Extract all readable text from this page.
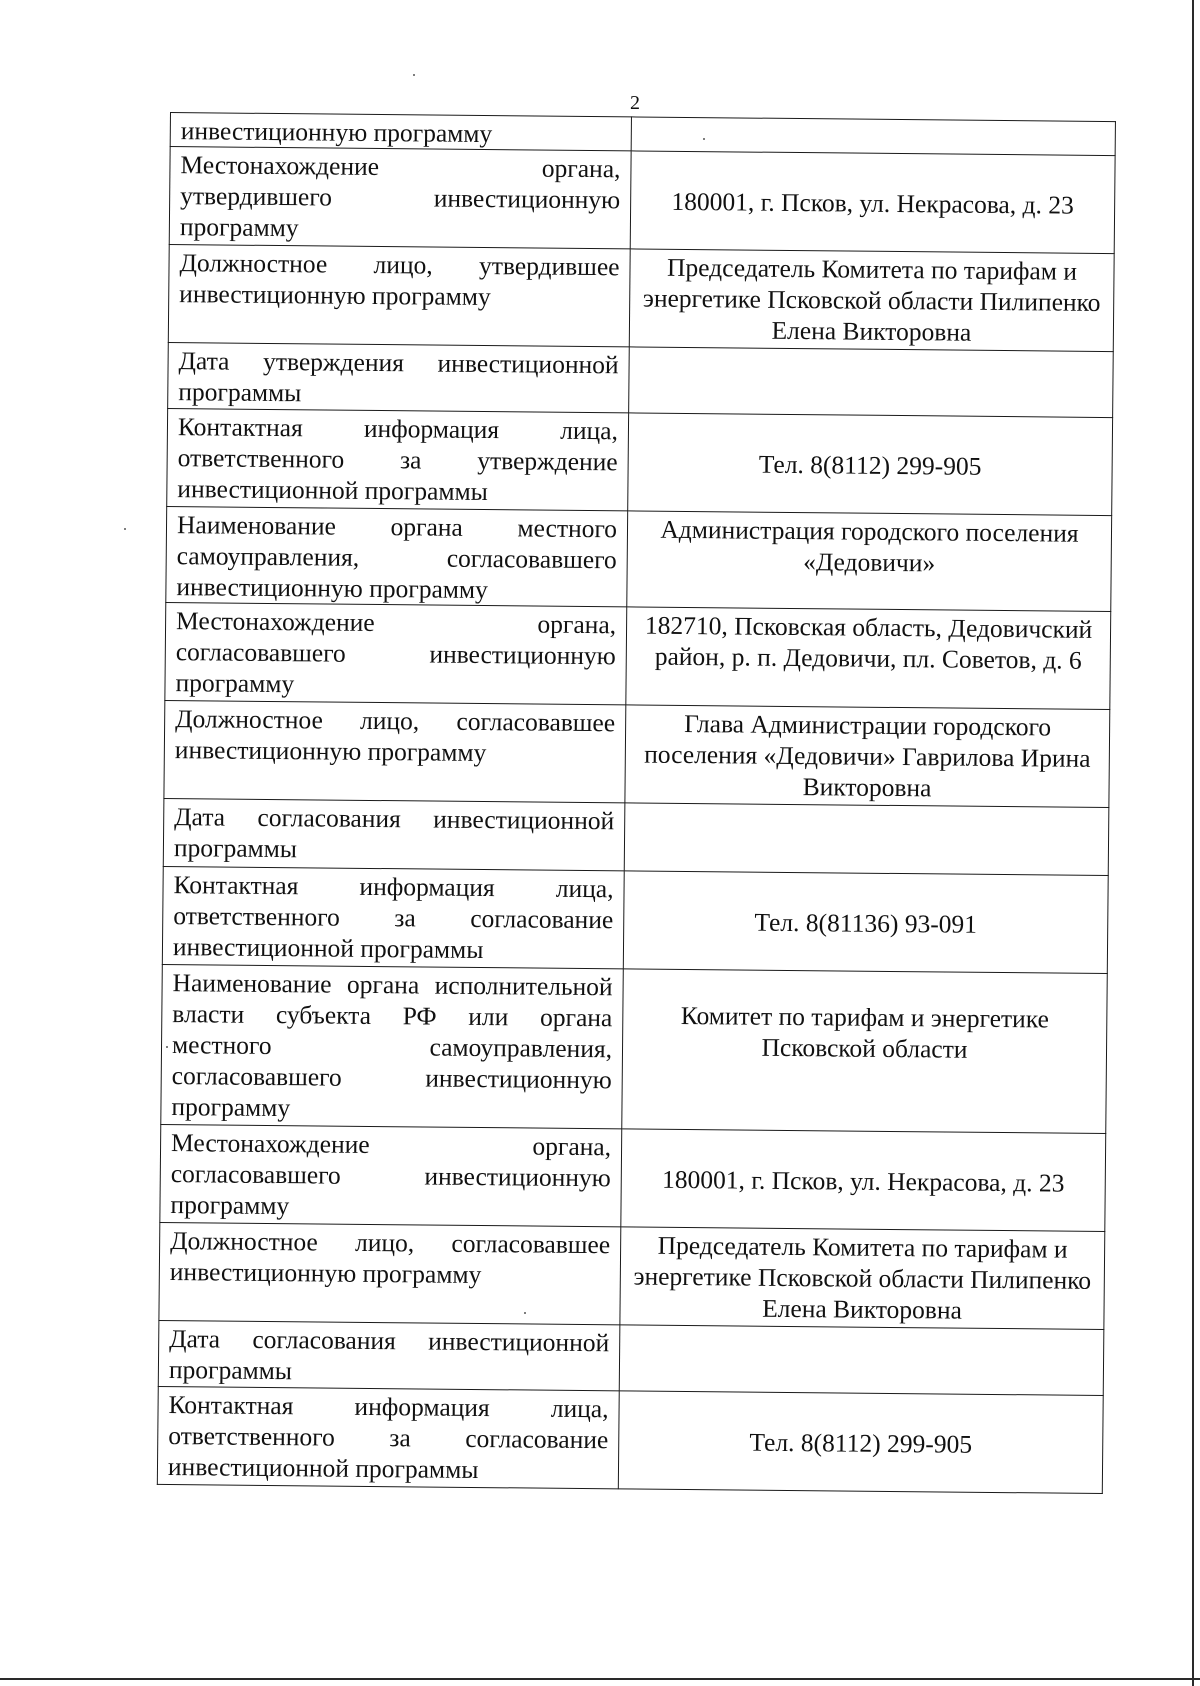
2
инвестиционную программу	
Местонахождение органа, утвердившего инвестиционную программу	180001, г. Псков, ул. Некрасова, д. 23
Должностное лицо, утвердившее инвестиционную программу	Председатель Комитета по тарифам и энергетике Псковской области Пилипенко Елена Викторовна
Дата утверждения инвестиционной программы	
Контактная информация лица, ответственного за утверждение инвестиционной программы	Тел. 8(8112) 299-905
Наименование органа местного самоуправления, согласовавшего инвестиционную программу	Администрация городского поселения «Дедовичи»
Местонахождение органа, согласовавшего инвестиционную программу	182710, Псковская область, Дедовичский район, р. п. Дедовичи, пл. Советов, д. 6
Должностное лицо, согласовавшее инвестиционную программу	Глава Администрации городского поселения «Дедовичи» Гаврилова Ирина Викторовна
Дата согласования инвестиционной программы	
Контактная информация лица, ответственного за согласование инвестиционной программы	Тел. 8(81136) 93-091
Наименование органа исполнительной власти субъекта РФ или органа местного самоуправления, согласовавшего инвестиционную программу	Комитет по тарифам и энергетике Псковской области
Местонахождение органа, согласовавшего инвестиционную программу	180001, г. Псков, ул. Некрасова, д. 23
Должностное лицо, согласовавшее инвестиционную программу	Председатель Комитета по тарифам и энергетике Псковской области Пилипенко Елена Викторовна
Дата согласования инвестиционной программы	
Контактная информация лица, ответственного за согласование инвестиционной программы	Тел. 8(8112) 299-905
